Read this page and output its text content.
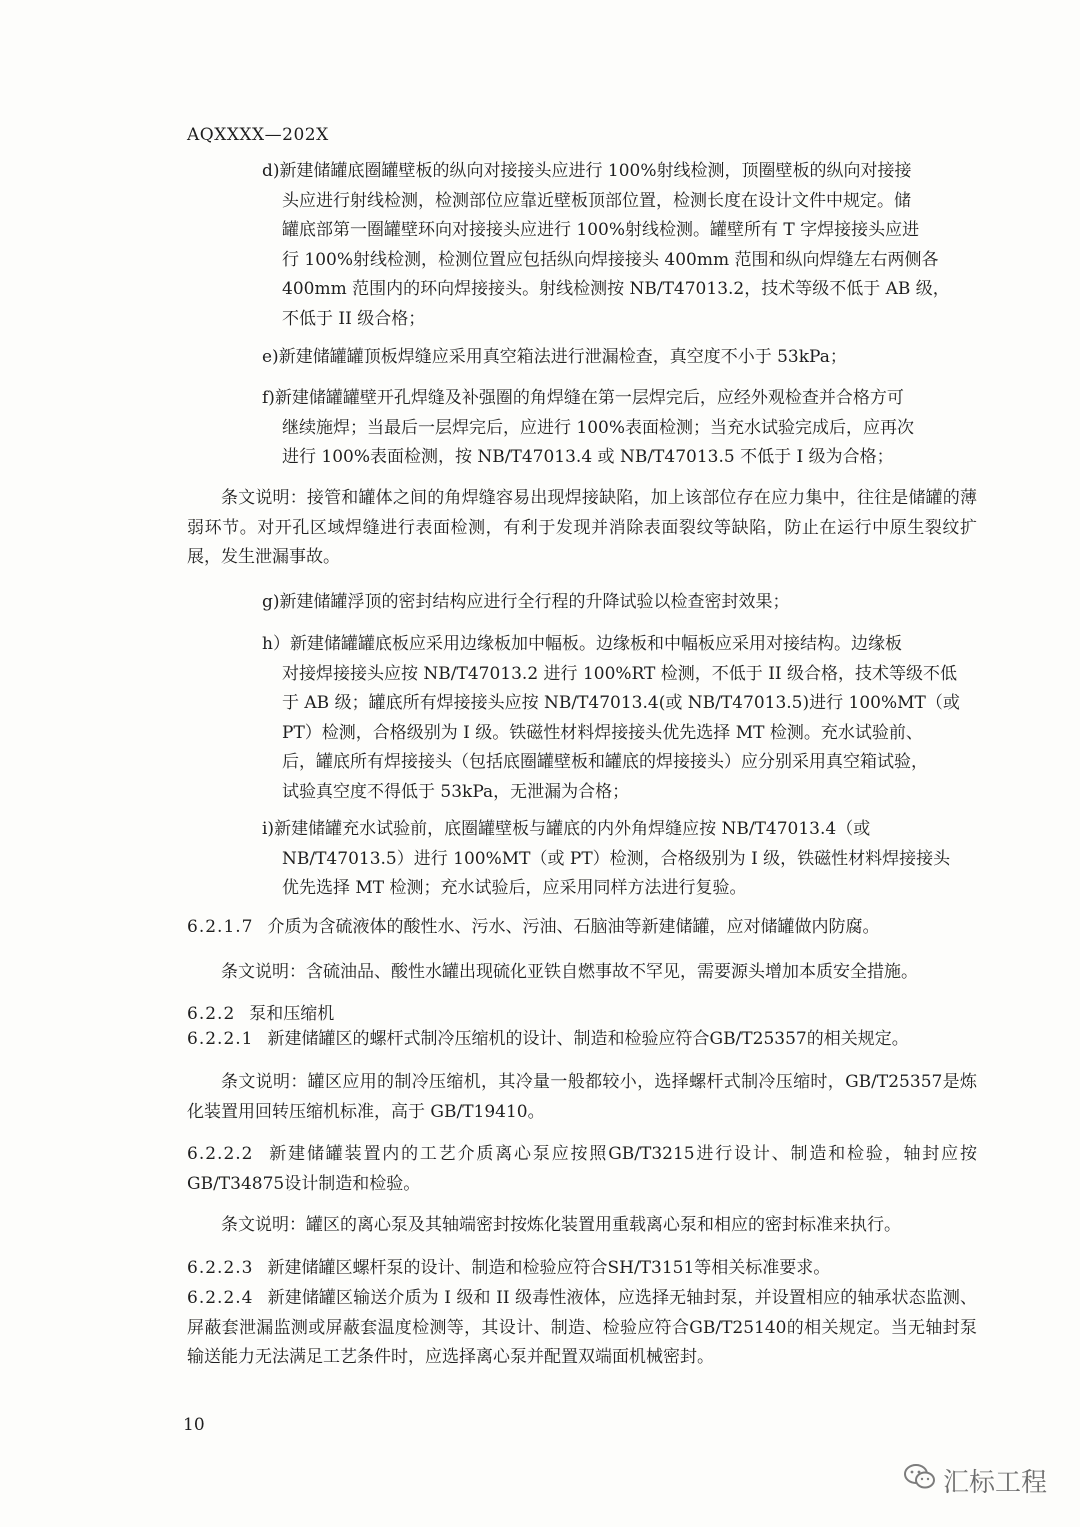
AQXXXX—202X
d)新建储罐底圈罐壁板的纵向对接接头应进行 100%射线检测，顶圈壁板的纵向对接接
头应进行射线检测，检测部位应靠近壁板顶部位置，检测长度在设计文件中规定。储
罐底部第一圈罐壁环向对接接头应进行 100%射线检测。罐壁所有 T 字焊接接头应进
行 100%射线检测，检测位置应包括纵向焊接接头 400mm 范围和纵向焊缝左右两侧各
400mm 范围内的环向焊接接头。射线检测按 NB/T47013.2，技术等级不低于 AB 级，
不低于 II 级合格；
e)新建储罐罐顶板焊缝应采用真空箱法进行泄漏检查，真空度不小于 53kPa；
f)新建储罐罐壁开孔焊缝及补强圈的角焊缝在第一层焊完后，应经外观检查并合格方可
继续施焊；当最后一层焊完后，应进行 100%表面检测；当充水试验完成后，应再次
进行 100%表面检测，按 NB/T47013.4 或 NB/T47013.5 不低于 I 级为合格；
条文说明：接管和罐体之间的角焊缝容易出现焊接缺陷，加上该部位存在应力集中，往往是储罐的薄弱环节。对开孔区域焊缝进行表面检测，有利于发现并消除表面裂纹等缺陷，防止在运行中原生裂纹扩展，发生泄漏事故。
g)新建储罐浮顶的密封结构应进行全行程的升降试验以检查密封效果；
h）新建储罐罐底板应采用边缘板加中幅板。边缘板和中幅板应采用对接结构。边缘板
对接焊接接头应按 NB/T47013.2 进行 100%RT 检测，不低于 II 级合格，技术等级不低
于 AB 级；罐底所有焊接接头应按 NB/T47013.4(或 NB/T47013.5)进行 100%MT（或
PT）检测，合格级别为 I 级。铁磁性材料焊接接头优先选择 MT 检测。充水试验前、
后，罐底所有焊接接头（包括底圈罐壁板和罐底的焊接接头）应分别采用真空箱试验，
试验真空度不得低于 53kPa，无泄漏为合格；
i)新建储罐充水试验前，底圈罐壁板与罐底的内外角焊缝应按 NB/T47013.4（或
NB/T47013.5）进行 100%MT（或 PT）检测，合格级别为 I 级，铁磁性材料焊接接头
优先选择 MT 检测；充水试验后，应采用同样方法进行复验。
6.2.1.7 介质为含硫液体的酸性水、污水、污油、石脑油等新建储罐，应对储罐做内防腐。
条文说明：含硫油品、酸性水罐出现硫化亚铁自燃事故不罕见，需要源头增加本质安全措施。
6.2.2 泵和压缩机
6.2.2.1 新建储罐区的螺杆式制冷压缩机的设计、制造和检验应符合GB/T25357的相关规定。
条文说明：罐区应用的制冷压缩机，其冷量一般都较小，选择螺杆式制冷压缩时，GB/T25357是炼化装置用回转压缩机标准，高于 GB/T19410。
6.2.2.2 新建储罐装置内的工艺介质离心泵应按照GB/T3215进行设计、制造和检验，轴封应按GB/T34875设计制造和检验。
条文说明：罐区的离心泵及其轴端密封按炼化装置用重载离心泵和相应的密封标准来执行。
6.2.2.3 新建储罐区螺杆泵的设计、制造和检验应符合SH/T3151等相关标准要求。
6.2.2.4 新建储罐区输送介质为 I 级和 II 级毒性液体，应选择无轴封泵，并设置相应的轴承状态监测、屏蔽套泄漏监测或屏蔽套温度检测等，其设计、制造、检验应符合GB/T25140的相关规定。当无轴封泵输送能力无法满足工艺条件时，应选择离心泵并配置双端面机械密封。
10
汇标工程
